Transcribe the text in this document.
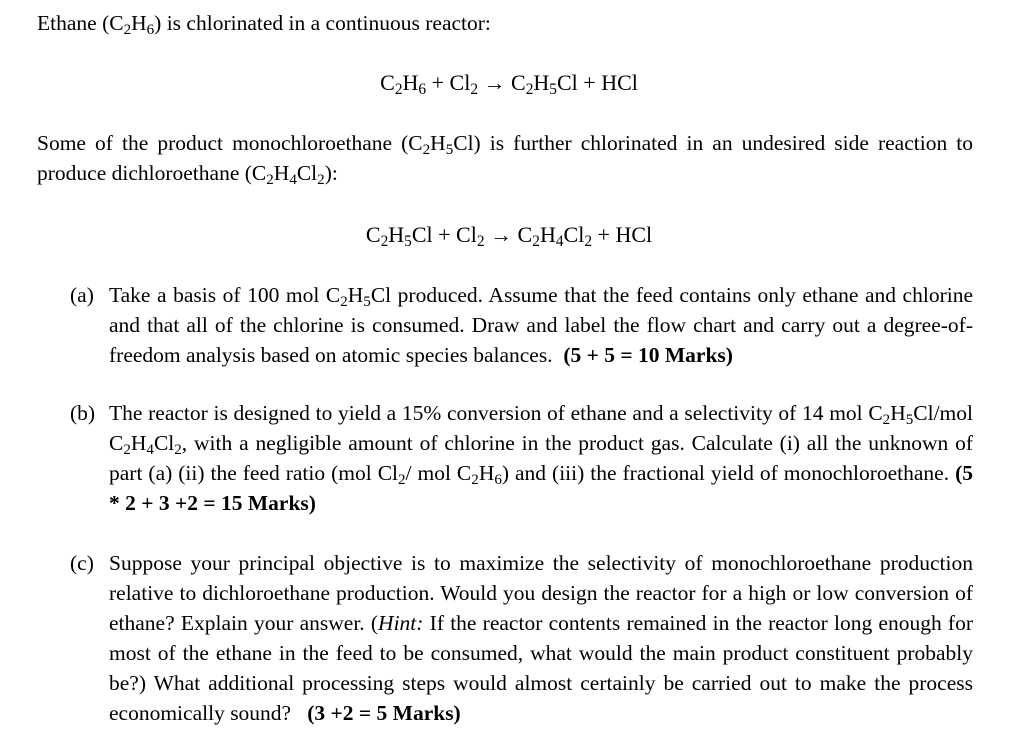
Ethane $(C_2H_6)$ is chlorinated in a continuous reactor:
$C_2H_6 + Cl_2 \to C_2H_5Cl$ + HCl
Some of the product monochloroethane $(C_2H_5Cl)$ is further chlorinated in an undesired side reaction to produce dichloroethane $(C_2H_4Cl_2)$:
$C_2H_5Cl + Cl_2 \to C_2H_4Cl_2$ + HCl
(a) Take a basis of 100 mol $C_2H_5Cl$ produced. Assume that the feed contains only ethane and chlorine and that all of the chlorine is consumed. Draw and label the flow chart and carry out a degree-of-freedom analysis based on atomic species balances.  (5 + 5 = 10 Marks)
(b) The reactor is designed to yield a 15% conversion of ethane and a selectivity of 14 mol $C_2H_5Cl$/mol $C_2H_4Cl_2$, with a negligible amount of chlorine in the product gas. Calculate (i) all the unknown of part (a) (ii) the feed ratio (mol $Cl_2/$ mol $C_2H_6$) and (iii) the fractional yield of monochloroethane. (5 * 2 + 3 +2 = 15 Marks)
(c) Suppose your principal objective is to maximize the selectivity of monochloroethane production relative to dichloroethane production. Would you design the reactor for a high or low conversion of ethane? Explain your answer. (Hint: If the reactor contents remained in the reactor long enough for most of the ethane in the feed to be consumed, what would the main product constituent probably be?) What additional processing steps would almost certainly be carried out to make the process economically sound?   (3 +2 = 5 Marks)
